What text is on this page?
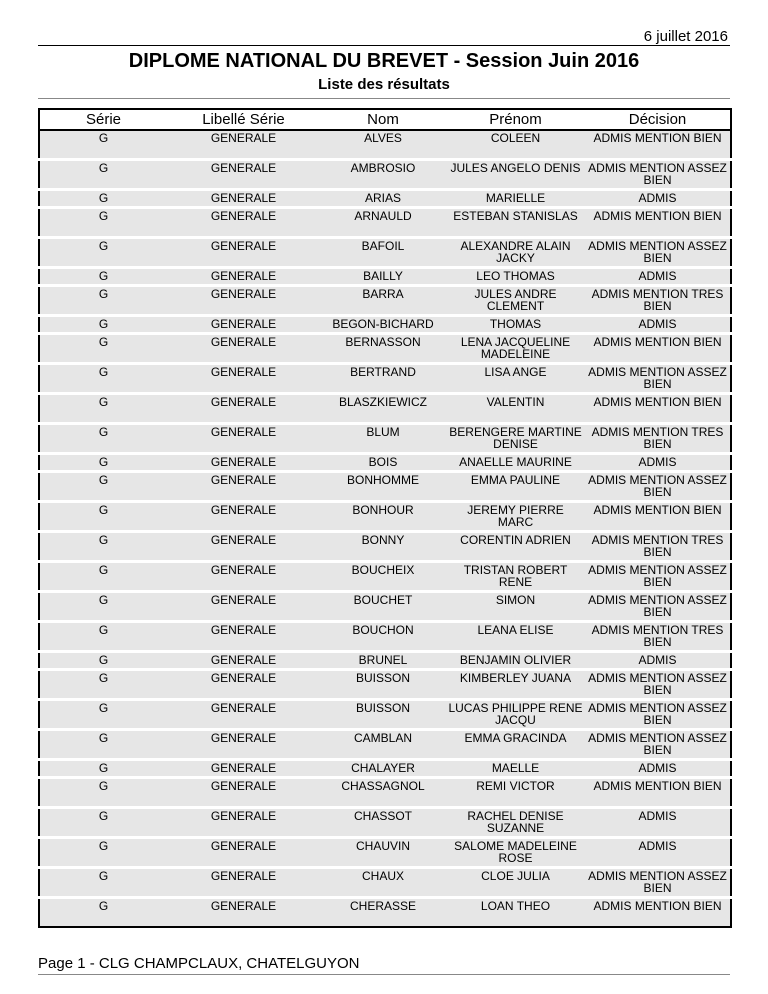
6 juillet 2016
DIPLOME NATIONAL DU BREVET - Session Juin 2016
Liste des résultats
Série	Libellé Série	Nom	Prénom	Décision
G	GENERALE	ALVES	COLEEN	ADMIS MENTION BIEN
G	GENERALE	AMBROSIO	JULES ANGELO DENIS	ADMIS MENTION ASSEZ BIEN
G	GENERALE	ARIAS	MARIELLE	ADMIS
G	GENERALE	ARNAULD	ESTEBAN STANISLAS	ADMIS MENTION BIEN
G	GENERALE	BAFOIL	ALEXANDRE ALAIN JACKY	ADMIS MENTION ASSEZ BIEN
G	GENERALE	BAILLY	LEO THOMAS	ADMIS
G	GENERALE	BARRA	JULES ANDRE CLEMENT	ADMIS MENTION TRES BIEN
G	GENERALE	BEGON-BICHARD	THOMAS	ADMIS
G	GENERALE	BERNASSON	LENA JACQUELINE MADELEINE	ADMIS MENTION BIEN
G	GENERALE	BERTRAND	LISA ANGE	ADMIS MENTION ASSEZ BIEN
G	GENERALE	BLASZKIEWICZ	VALENTIN	ADMIS MENTION BIEN
G	GENERALE	BLUM	BERENGERE MARTINE DENISE	ADMIS MENTION TRES BIEN
G	GENERALE	BOIS	ANAELLE MAURINE	ADMIS
G	GENERALE	BONHOMME	EMMA PAULINE	ADMIS MENTION ASSEZ BIEN
G	GENERALE	BONHOUR	JEREMY PIERRE MARC	ADMIS MENTION BIEN
G	GENERALE	BONNY	CORENTIN ADRIEN	ADMIS MENTION TRES BIEN
G	GENERALE	BOUCHEIX	TRISTAN ROBERT RENE	ADMIS MENTION ASSEZ BIEN
G	GENERALE	BOUCHET	SIMON	ADMIS MENTION ASSEZ BIEN
G	GENERALE	BOUCHON	LEANA ELISE	ADMIS MENTION TRES BIEN
G	GENERALE	BRUNEL	BENJAMIN OLIVIER	ADMIS
G	GENERALE	BUISSON	KIMBERLEY JUANA	ADMIS MENTION ASSEZ BIEN
G	GENERALE	BUISSON	LUCAS PHILIPPE RENE JACQU	ADMIS MENTION ASSEZ BIEN
G	GENERALE	CAMBLAN	EMMA GRACINDA	ADMIS MENTION ASSEZ BIEN
G	GENERALE	CHALAYER	MAELLE	ADMIS
G	GENERALE	CHASSAGNOL	REMI VICTOR	ADMIS MENTION BIEN
G	GENERALE	CHASSOT	RACHEL DENISE SUZANNE	ADMIS
G	GENERALE	CHAUVIN	SALOME MADELEINE ROSE	ADMIS
G	GENERALE	CHAUX	CLOE JULIA	ADMIS MENTION ASSEZ BIEN
G	GENERALE	CHERASSE	LOAN THEO	ADMIS MENTION BIEN
Page 1 - CLG CHAMPCLAUX, CHATELGUYON
